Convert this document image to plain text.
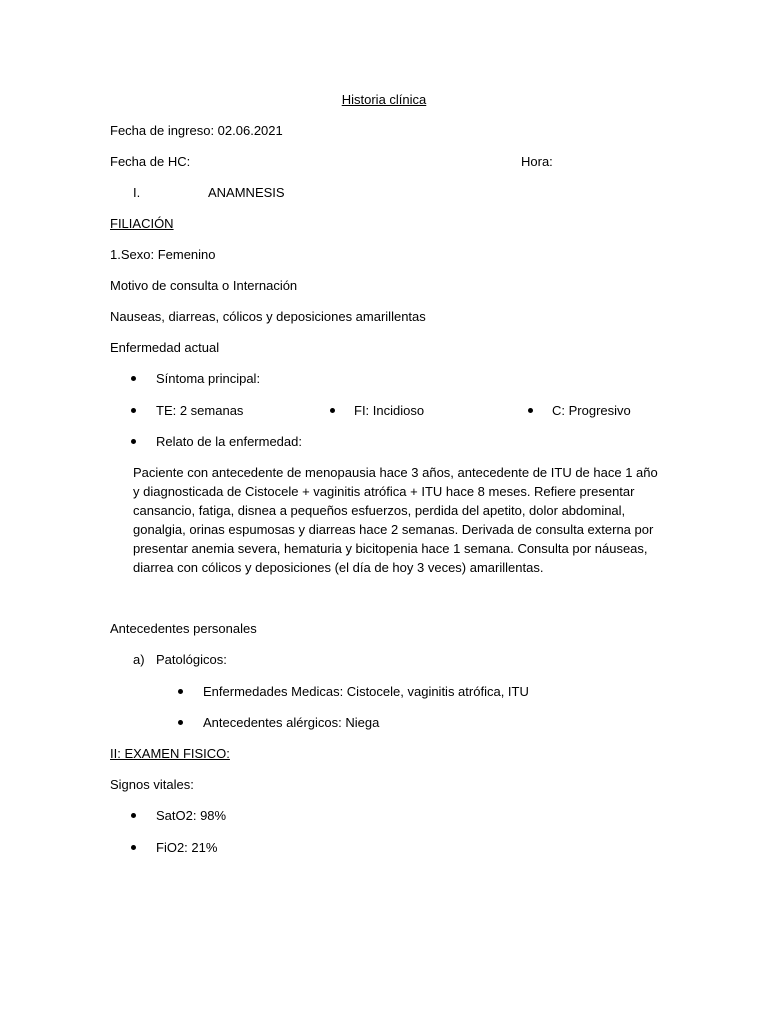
Historia clínica
Fecha de ingreso: 02.06.2021
Fecha de HC:	Hora:
I.	ANAMNESIS
FILIACIÓN
1.Sexo: Femenino
Motivo de consulta o Internación
Nauseas, diarreas, cólicos y deposiciones amarillentas
Enfermedad actual
Síntoma principal:
TE: 2 semanas	FI: Incidioso	C: Progresivo
Relato de la enfermedad:
Paciente con antecedente de menopausia hace 3 años, antecedente de ITU de hace 1 año
y diagnosticada de Cistocele + vaginitis atrófica + ITU hace 8 meses. Refiere presentar
cansancio, fatiga, disnea a pequeños esfuerzos, perdida del apetito, dolor abdominal,
gonalgia, orinas espumosas y diarreas hace 2 semanas. Derivada de consulta externa por
presentar anemia severa, hematuria y bicitopenia hace 1 semana. Consulta por náuseas,
diarrea con cólicos y deposiciones (el día de hoy 3 veces) amarillentas.
Antecedentes personales
a) Patológicos:
Enfermedades Medicas: Cistocele, vaginitis atrófica, ITU
Antecedentes alérgicos: Niega
II: EXAMEN FISICO:
Signos vitales:
SatO2: 98%
FiO2: 21%
